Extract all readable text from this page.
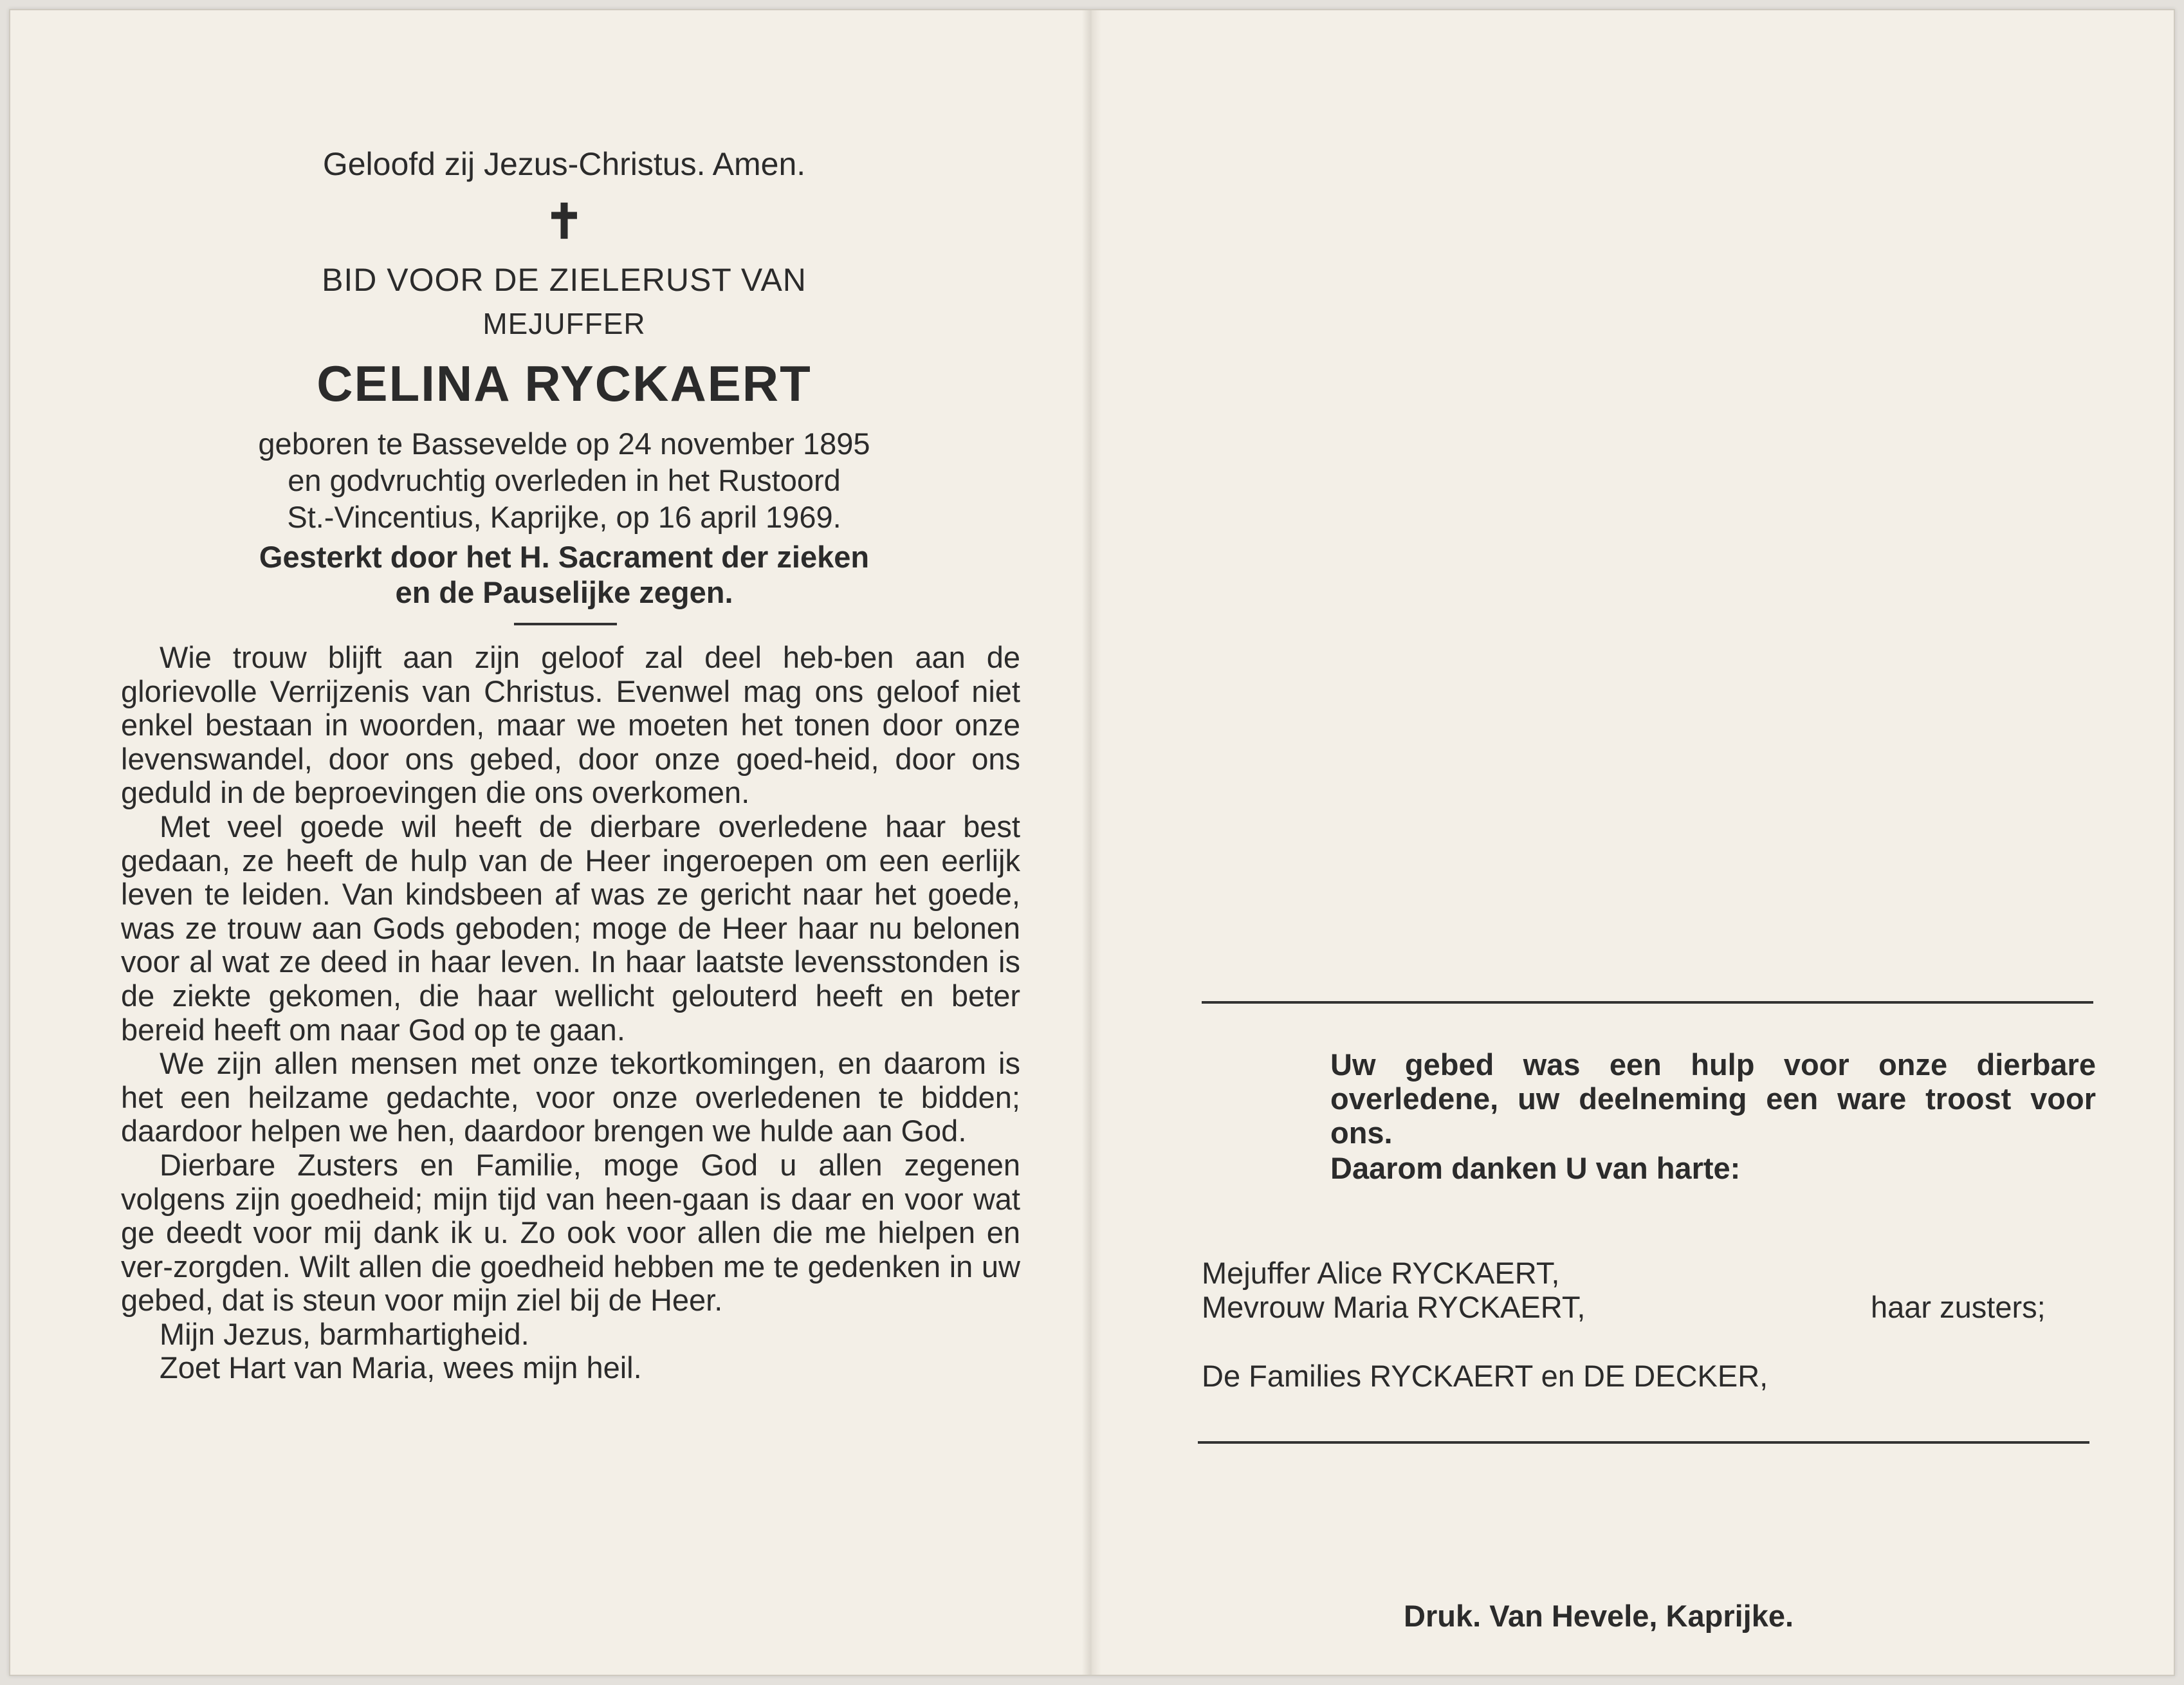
Geloofd zij Jezus-Christus. Amen.
✝
BID VOOR DE ZIELERUST VAN
MEJUFFER
CELINA RYCKAERT
geboren te Bassevelde op 24 november 1895
en godvruchtig overleden in het Rustoord
St.-Vincentius, Kaprijke, op 16 april 1969.
Gesterkt door het H. Sacrament der zieken
en de Pauselijke zegen.

Wie trouw blijft aan zijn geloof zal deel heb-ben aan de glorievolle Verrijzenis van Christus. Evenwel mag ons geloof niet enkel bestaan in woorden, maar we moeten het tonen door onze levenswandel, door ons gebed, door onze goed-heid, door ons geduld in de beproevingen die ons overkomen.

Met veel goede wil heeft de dierbare overledene haar best gedaan, ze heeft de hulp van de Heer ingeroepen om een eerlijk leven te leiden. Van kindsbeen af was ze gericht naar het goede, was ze trouw aan Gods geboden; moge de Heer haar nu belonen voor al wat ze deed in haar leven. In haar laatste levensstonden is de ziekte gekomen, die haar wellicht gelouterd heeft en beter bereid heeft om naar God op te gaan.

We zijn allen mensen met onze tekortkomingen, en daarom is het een heilzame gedachte, voor onze overledenen te bidden; daardoor helpen we hen, daardoor brengen we hulde aan God.

Dierbare Zusters en Familie, moge God u allen zegenen volgens zijn goedheid; mijn tijd van heen-gaan is daar en voor wat ge deedt voor mij dank ik u. Zo ook voor allen die me hielpen en ver-zorgden. Wilt allen die goedheid hebben me te gedenken in uw gebed, dat is steun voor mijn ziel bij de Heer.

Mijn Jezus, barmhartigheid.

Zoet Hart van Maria, wees mijn heil.

Uw gebed was een hulp voor onze dierbare overledene, uw deelneming een ware troost voor ons.
Daarom danken U van harte:
Mejuffer Alice RYCKAERT,
Mevrouw Maria RYCKAERT,	haar zusters;
De Families RYCKAERT en DE DECKER,
Druk. Van Hevele, Kaprijke.
